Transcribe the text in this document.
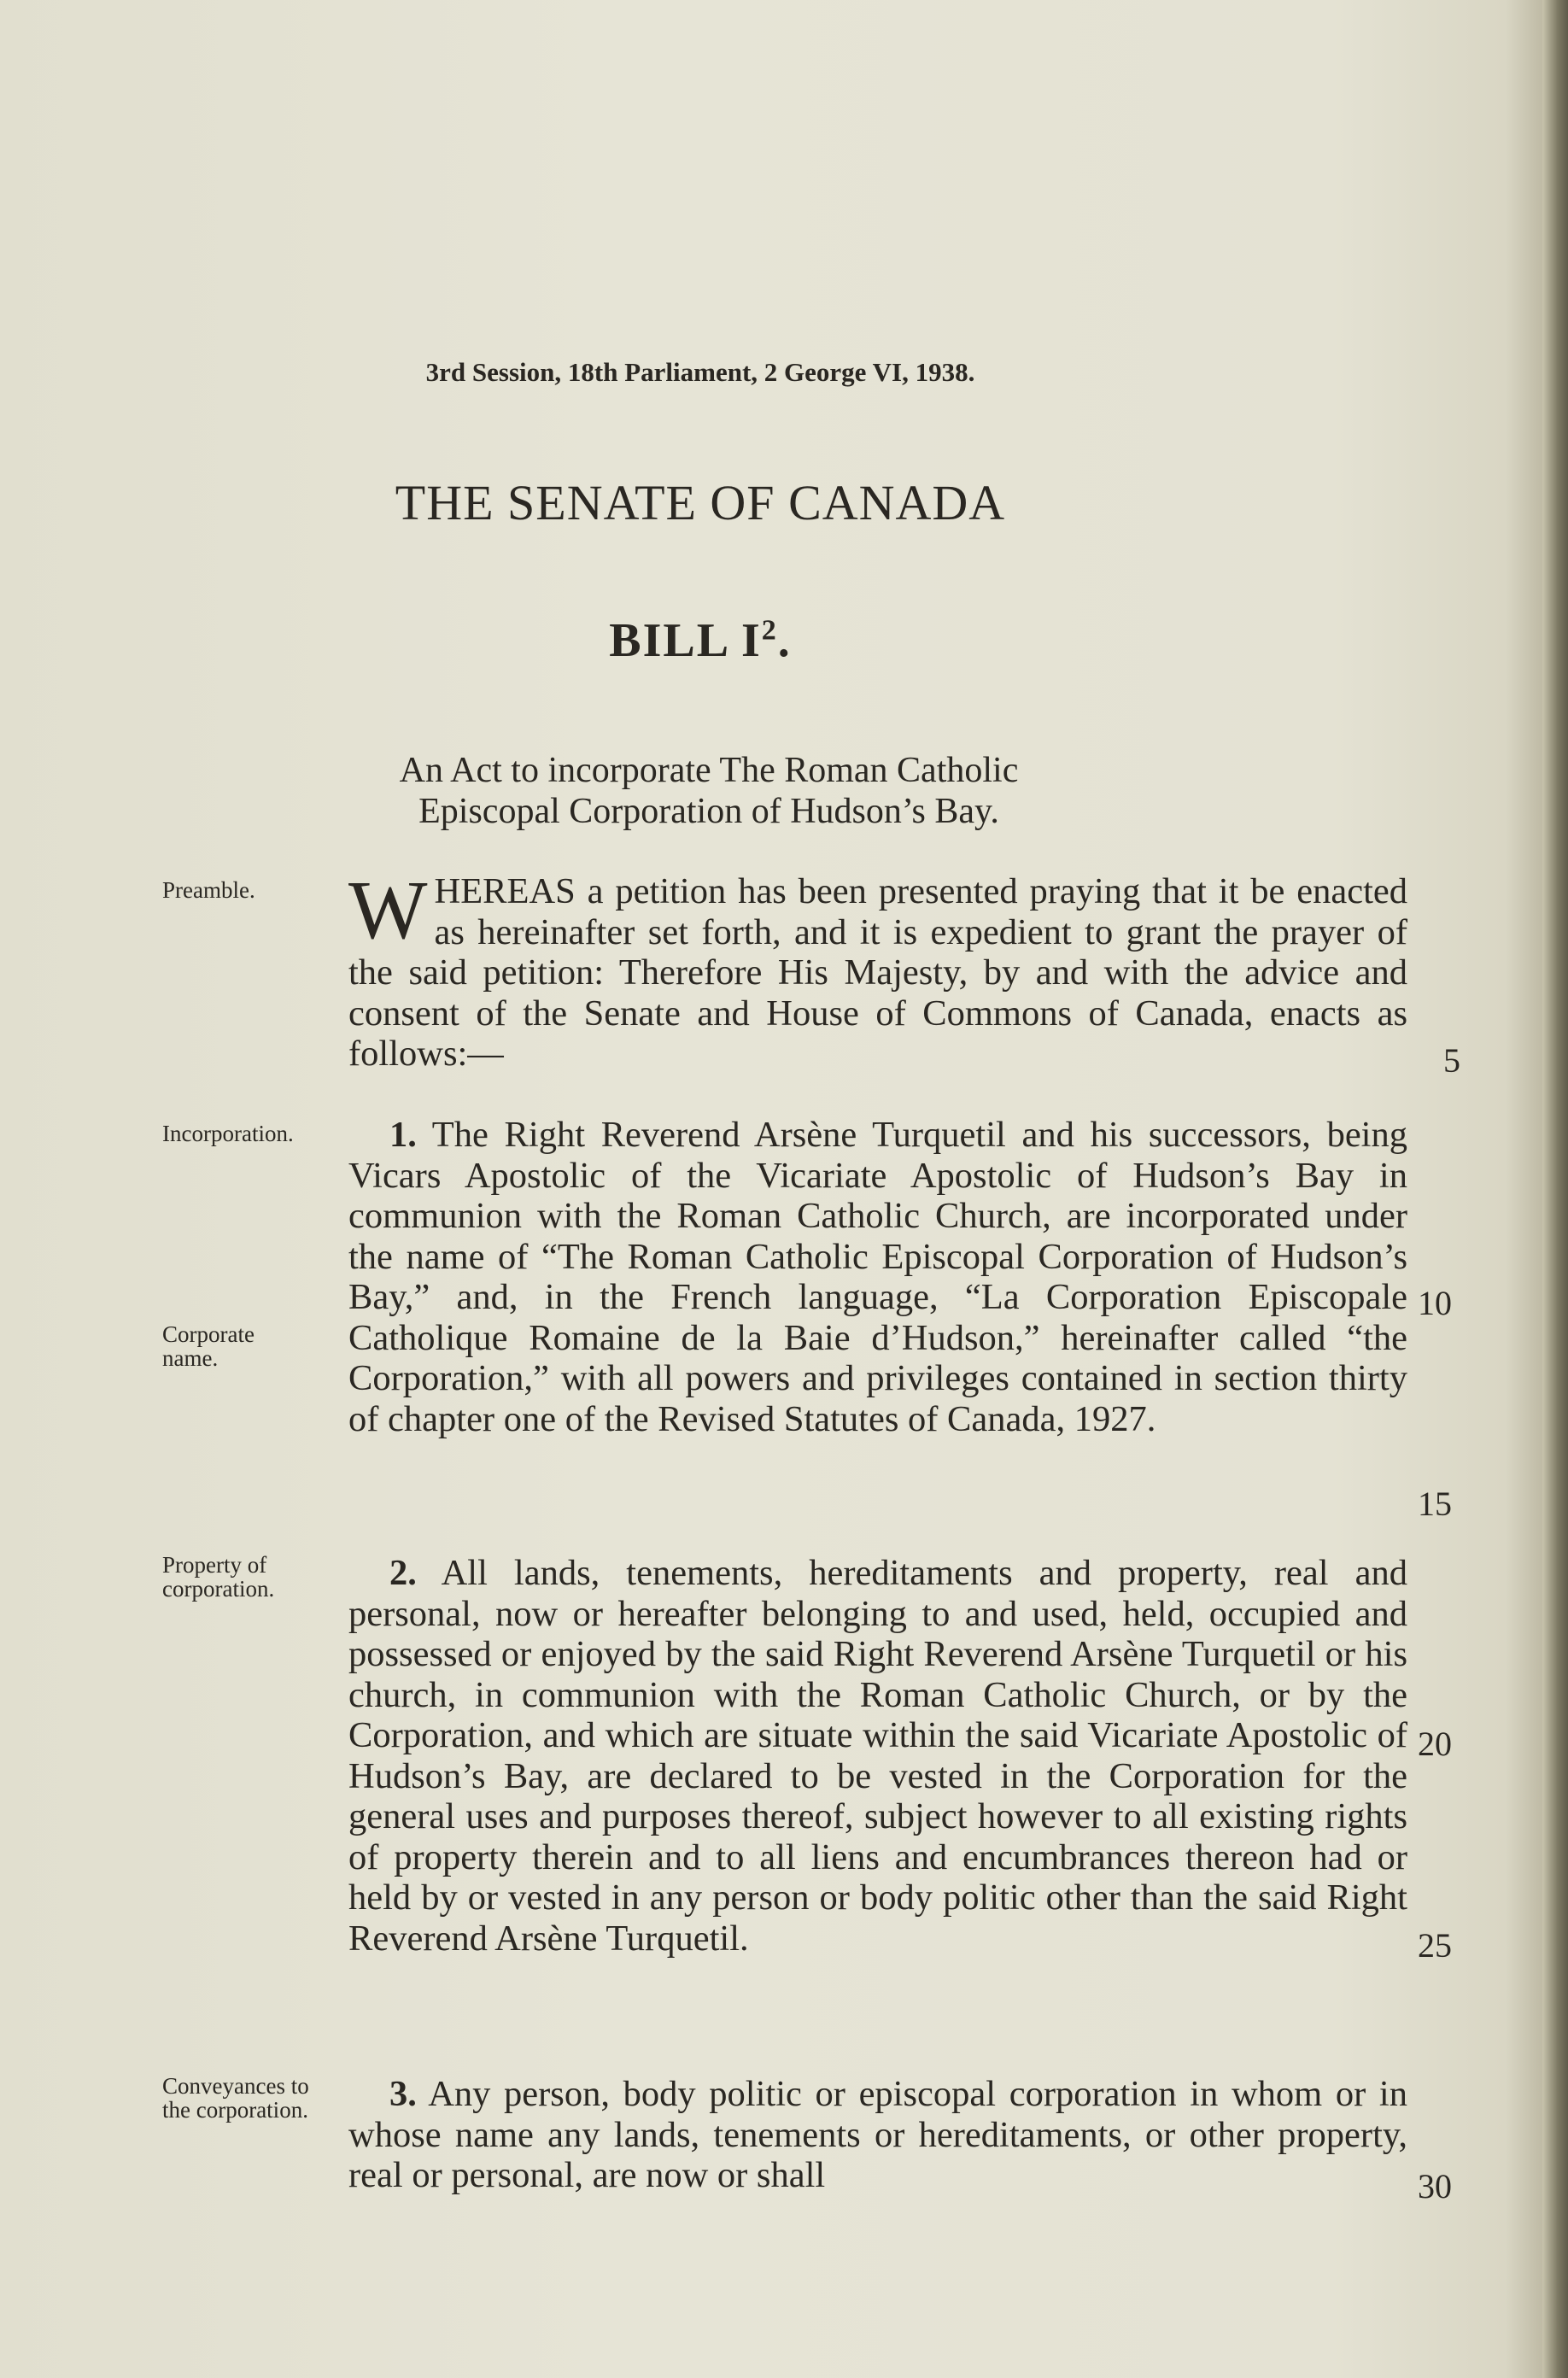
3rd Session, 18th Parliament, 2 George VI, 1938.
THE SENATE OF CANADA
BILL $I^2$.
An Act to incorporate The Roman Catholic Episcopal Corporation of Hudson’s Bay.
Preamble.
Incorporation.
Corporate name.
Property of corporation.
Conveyances to the corporation.

WHEREAS a petition has been presented praying that it be enacted as hereinafter set forth, and it is expedient to grant the prayer of the said petition: Therefore His Majesty, by and with the advice and consent of the Senate and House of Commons of Canada, enacts as follows:—

1. The Right Reverend Arsène Turquetil and his successors, being Vicars Apostolic of the Vicariate Apostolic of Hudson’s Bay in communion with the Roman Catholic Church, are incorporated under the name of “The Roman Catholic Episcopal Corporation of Hudson’s Bay,” and, in the French language, “La Corporation Episcopale Catholique Romaine de la Baie d’Hudson,” hereinafter called “the Corporation,” with all powers and privileges contained in section thirty of chapter one of the Revised Statutes of Canada, 1927.

2. All lands, tenements, hereditaments and property, real and personal, now or hereafter belonging to and used, held, occupied and possessed or enjoyed by the said Right Reverend Arsène Turquetil or his church, in communion with the Roman Catholic Church, or by the Corporation, and which are situate within the said Vicariate Apostolic of Hudson’s Bay, are declared to be vested in the Corporation for the general uses and purposes thereof, subject however to all existing rights of property therein and to all liens and encumbrances thereon had or held by or vested in any person or body politic other than the said Right Reverend Arsène Turquetil.

3. Any person, body politic or episcopal corporation in whom or in whose name any lands, tenements or hereditaments, or other property, real or personal, are now or shall

5
10
15
20
25
30
